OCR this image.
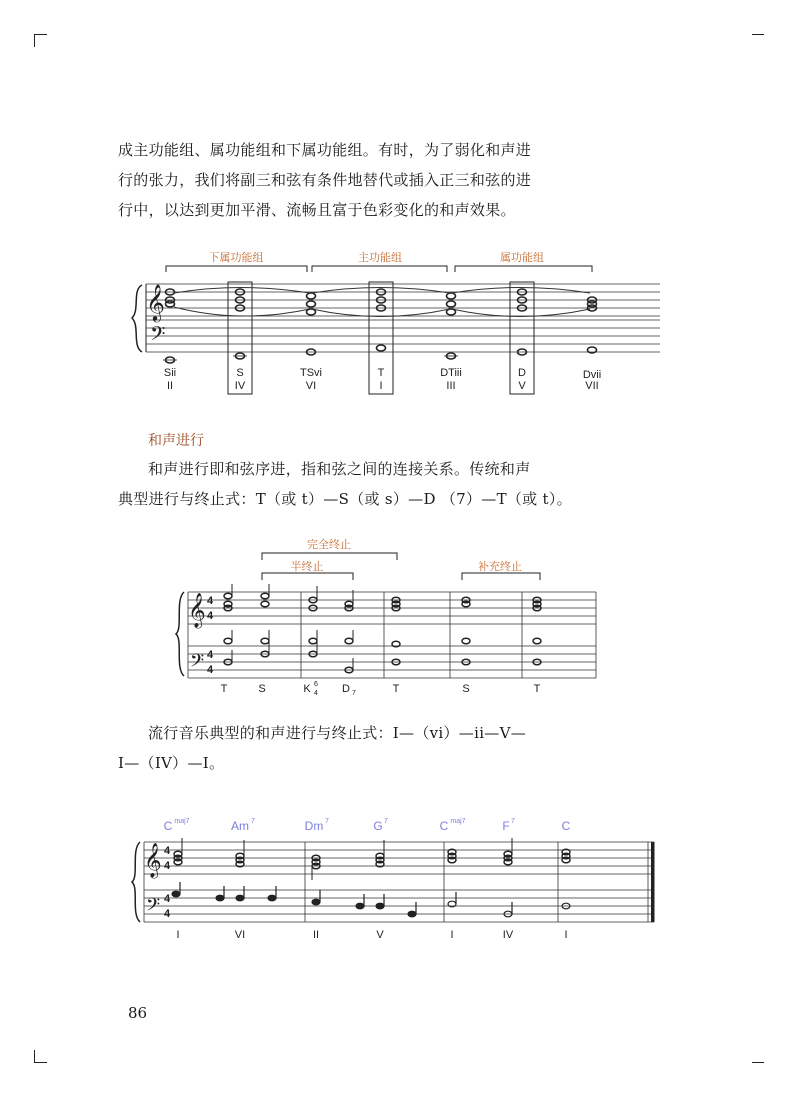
成主功能组、属功能组和下属功能组。有时，为了弱化和声进
行的张力，我们将副三和弦有条件地替代或插入正三和弦的进
行中，以达到更加平滑、流畅且富于色彩变化的和声效果。
下属功能组	主功能组	属功能组
𝄞
𝄢
Sii	S	TSvi	T	DTiii	D	Dvii
II	IV	VI	I	III	V	VII
和声进行
和声进行即和弦序进，指和弦之间的连接关系。传统和声
典型进行与终止式：T（或 t）—S（或 s）—D （7）—T（或 t）。
完全终止
半终止	补充终止
𝄞
𝄢
4
4
4
4
T	S	K 6
4 D 7	T	S	T
流行音乐典型的和声进行与终止式：I—（vi）—ii—V—
I—（IV）—I。
C maj7	Am 7	Dm 7	G 7	C maj7	F 7	C
𝄞
𝄢
4
4
4
4
I	VI	II	V	I	IV	I
86
